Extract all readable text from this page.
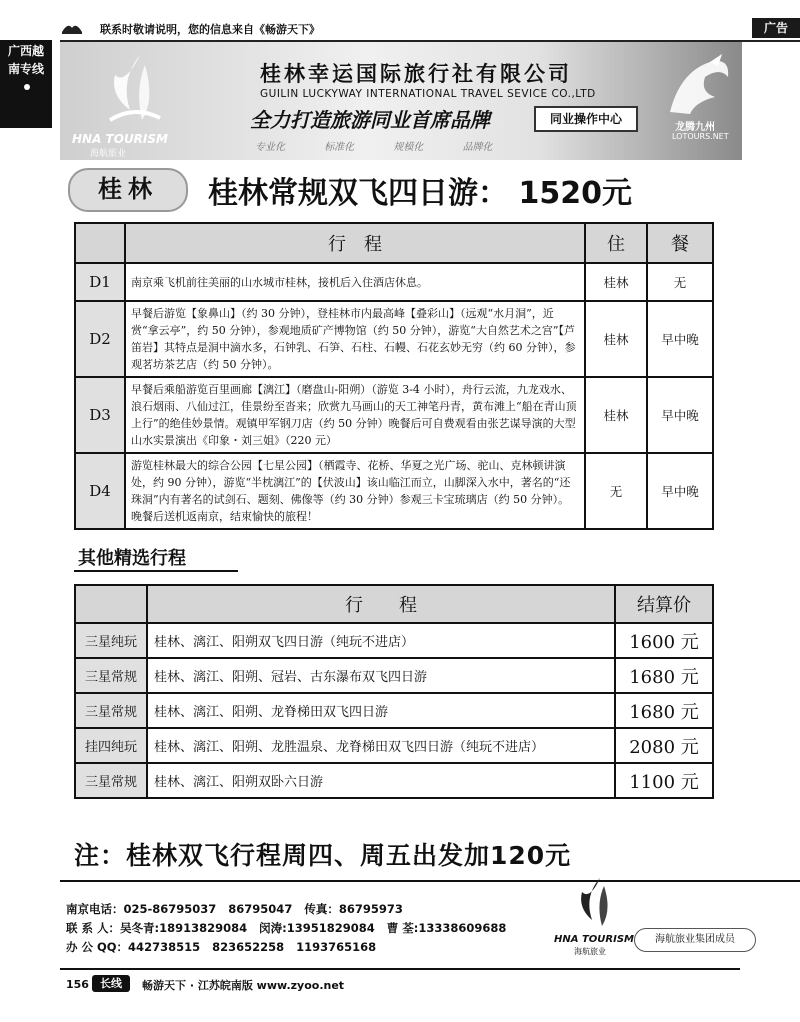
联系时敬请说明，您的信息来自《畅游天下》	广告
广西越
南专线
HNA TOURISM
海航旅业
桂林幸运国际旅行社有限公司
GUILIN LUCKYWAY INTERNATIONAL TRAVEL SEVICE CO.,LTD
全力打造旅游同业首席品牌	同业操作中心
专业化	标准化	规模化	品牌化
龙腾九州
LOTOURS.NET
桂林	桂林常规双飞四日游： 1520元
	行　程	住	餐
D1	南京乘飞机前往美丽的山水城市桂林，接机后入住酒店休息。	桂林	无
D2	早餐后游览【象鼻山】（约 30 分钟），登桂林市内最高峰【叠彩山】（远观“水月洞”，近赏“拿云亭”，约 50 分钟），参观地质矿产博物馆（约 50 分钟），游览“大自然艺术之宫”【芦笛岩】其特点是洞中滴水多，石钟乳、石笋、石柱、石幔、石花玄妙无穷（约 60 分钟），参观茗坊茶艺店（约 50 分钟）。	桂林	早中晚
D3	早餐后乘船游览百里画廊【漓江】（磨盘山-阳朔）（游览 3-4 小时），舟行云流，九龙戏水、浪石烟雨、八仙过江，佳景纷至沓来；欣赏九马画山的天工神笔丹青，黄布滩上“船在青山顶上行”的绝佳妙景情。观镇甲军钢刀店（约 50 分钟）晚餐后可自费观看由张艺谋导演的大型山水实景演出《印象・刘三姐》（220 元）	桂林	早中晚
D4	游览桂林最大的综合公园【七星公园】（栖霞寺、花桥、华夏之光广场、驼山、克林顿讲演处，约 90 分钟），游览“半枕漓江”的【伏波山】该山临江而立，山脚深入水中，著名的“还珠洞”内有著名的试剑石、题刻、佛像等（约 30 分钟）参观三卡宝琉璃店（约 50 分钟）。晚餐后送机返南京，结束愉快的旅程！	无	早中晚
其他精选行程
	行　　程	结算价
三星纯玩	桂林、漓江、阳朔双飞四日游（纯玩不进店）	1600 元
三星常规	桂林、漓江、阳朔、冠岩、古东瀑布双飞四日游	1680 元
三星常规	桂林、漓江、阳朔、龙脊梯田双飞四日游	1680 元
挂四纯玩	桂林、漓江、阳朔、龙胜温泉、龙脊梯田双飞四日游（纯玩不进店）	2080 元
三星常规	桂林、漓江、阳朔双卧六日游	1100 元
注：桂林双飞行程周四、周五出发加120元
南京电话：025-86795037   86795047   传真：86795973
联 系 人：吴冬青:18913829084   闵涛:13951829084   曹 荃:13338609688
办 公 QQ：442738515   823652258   1193765168
HNA TOURISM
海航旅业
海航旅业集团成员
156	长线	畅游天下 · 江苏皖南版 www.zyoo.net
